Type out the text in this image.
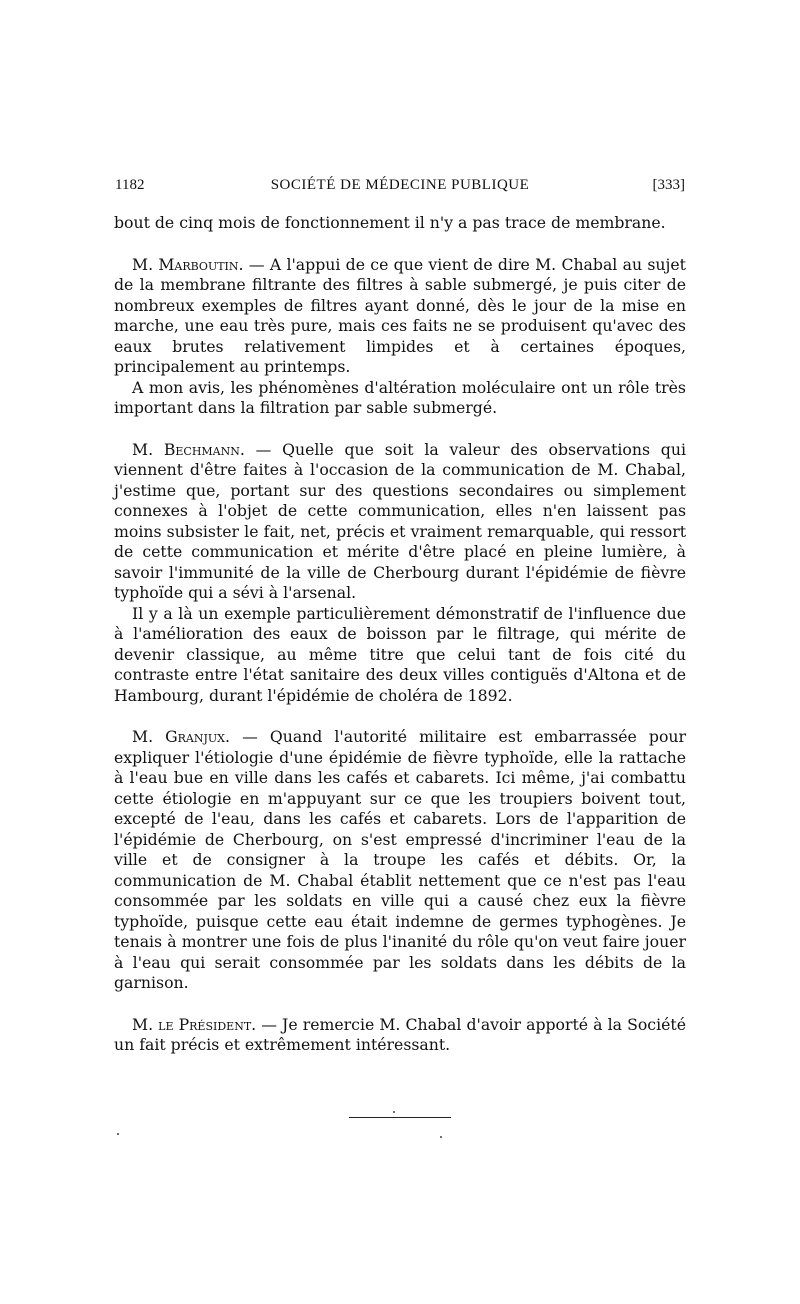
1182	SOCIÉTÉ DE MÉDECINE PUBLIQUE	[333]

bout de cinq mois de fonctionnement il n'y a pas trace de membrane.

M. Marboutin. — A l'appui de ce que vient de dire M. Chabal au sujet de la membrane filtrante des filtres à sable submergé, je puis citer de nombreux exemples de filtres ayant donné, dès le jour de la mise en marche, une eau très pure, mais ces faits ne se produisent qu'avec des eaux brutes relativement limpides et à certaines époques, principalement au printemps.

A mon avis, les phénomènes d'altération moléculaire ont un rôle très important dans la filtration par sable submergé.

M. Bechmann. — Quelle que soit la valeur des observations qui viennent d'être faites à l'occasion de la communication de M. Chabal, j'estime que, portant sur des questions secondaires ou simplement connexes à l'objet de cette communication, elles n'en laissent pas moins subsister le fait, net, précis et vraiment remarquable, qui ressort de cette communication et mérite d'être placé en pleine lumière, à savoir l'immunité de la ville de Cherbourg durant l'épidémie de fièvre typhoïde qui a sévi à l'arsenal.

Il y a là un exemple particulièrement démonstratif de l'influence due à l'amélioration des eaux de boisson par le filtrage, qui mérite de devenir classique, au même titre que celui tant de fois cité du contraste entre l'état sanitaire des deux villes contiguës d'Altona et de Hambourg, durant l'épidémie de choléra de 1892.

M. Granjux. — Quand l'autorité militaire est embarrassée pour expliquer l'étiologie d'une épidémie de fièvre typhoïde, elle la rattache à l'eau bue en ville dans les cafés et cabarets. Ici même, j'ai combattu cette étiologie en m'appuyant sur ce que les troupiers boivent tout, excepté de l'eau, dans les cafés et cabarets. Lors de l'apparition de l'épidémie de Cherbourg, on s'est empressé d'incriminer l'eau de la ville et de consigner à la troupe les cafés et débits. Or, la communication de M. Chabal établit nettement que ce n'est pas l'eau consommée par les soldats en ville qui a causé chez eux la fièvre typhoïde, puisque cette eau était indemne de germes typhogènes. Je tenais à montrer une fois de plus l'inanité du rôle qu'on veut faire jouer à l'eau qui serait consommée par les soldats dans les débits de la garnison.

M. le Président. — Je remercie M. Chabal d'avoir apporté à la Société un fait précis et extrêmement intéressant.
